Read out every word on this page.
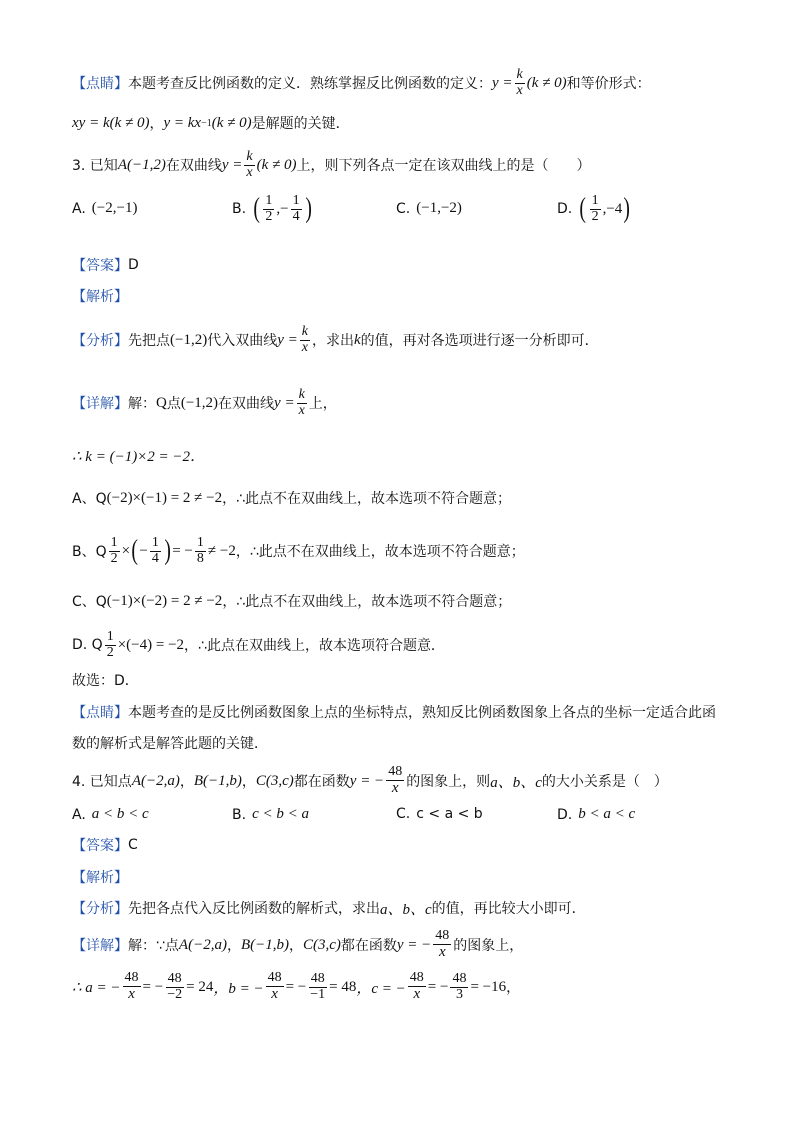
【点睛】 本题考查反比例函数的定义．熟练掌握反比例函数的定义： $y = \frac{k}{x} (k \ne 0)$ 和等价形式：
xy = k(k ≠ 0) ， y = kx −1 (k ≠ 0) 是解题的关键．
3. 已知 A(−1,2) 在双曲线 $y = \frac{k}{x} (k \ne 0)$ 上，则下列各点一定在该双曲线上的是（　　）
A. (−2,−1)	B. ( $\frac{1}{2}$ ,− $\frac{1}{4}$ )	C. (−1,−2)	D. ( $\frac{1}{2} ,-4$ )
【答案】 D
【解析】
【分析】 先把点 (−1,2) 代入双曲线 $y = \frac{k}{x}$ ，求出 k 的值，再对各选项进行逐一分析即可．
【详解】 解： Q 点 (−1,2) 在双曲线 $y = \frac{k}{x}$ 上，
∴ k = (−1)×2 = −2．
A、Q (−2)×(−1) = 2 ≠ −2 ，∴此点不在双曲线上，故本选项不符合题意；
B、Q $\frac{1}{2}$ × ( − $\frac{1}{4}$ ) = − $\frac{1}{8} \ne -2$ ，∴此点不在双曲线上，故本选项不符合题意；
C、Q (−1)×(−2) = 2 ≠ −2 ，∴此点不在双曲线上，故本选项不符合题意；
D. Q $\frac{1}{2} \times(-4) = -2$ ，∴此点在双曲线上，故本选项符合题意．
故选：D．
【点睛】 本题考查的是反比例函数图象上点的坐标特点，熟知反比例函数图象上各点的坐标一定适合此函
数的解析式是解答此题的关键．
4. 已知点 A(−2,a) ， B(−1,b) ， C(3,c) 都在函数 y = − $\frac{48}{x}$ 的图象上，则 a、b、c 的大小关系是（　）
A. a < b < c	B. c < b < a	C. c < a < b	D. b < a < c
【答案】 C
【解析】
【分析】 先把各点代入反比例函数的解析式，求出 a、b、c 的值，再比较大小即可．
【详解】 解：∵点 A(−2,a) ， B(−1,b) ， C(3,c) 都在函数 y = − $\frac{48}{x}$ 的图象上，
∴ a = − $\frac{48}{x}$ = − $\frac{48}{-2} = 24$ ，b = − $\frac{48}{x}$ = − $\frac{48}{-1} = 48$ ，c = − $\frac{48}{x}$ = − $\frac{48}{3} = -16$ ，
